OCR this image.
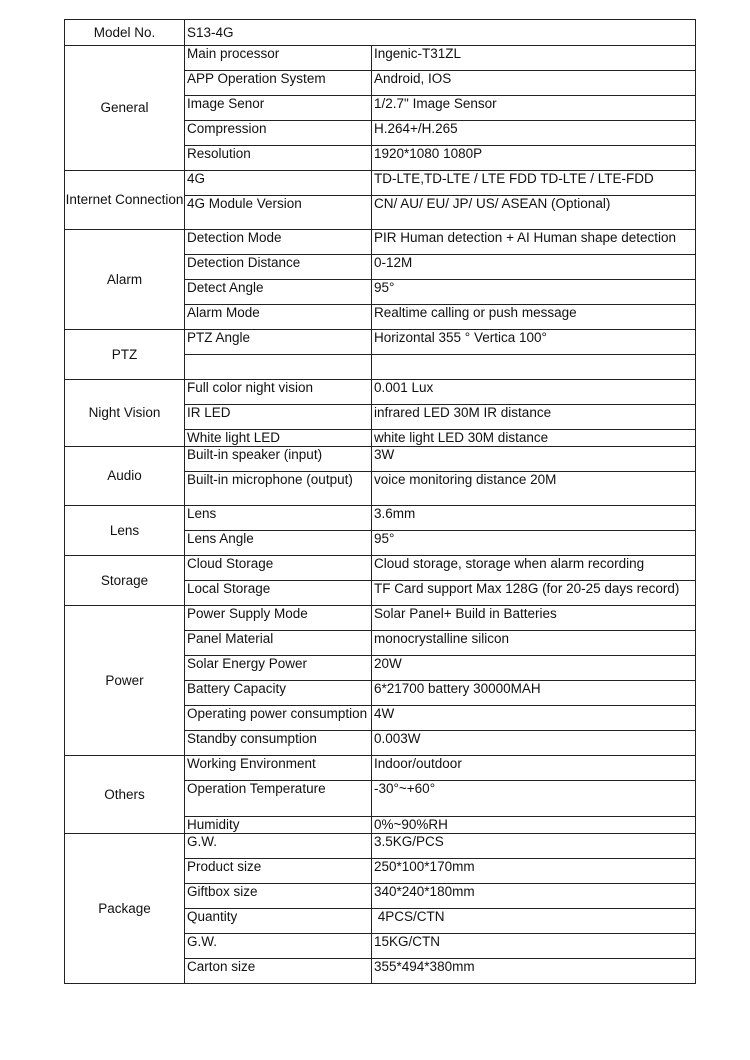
Model No.	S13-4G	
General	Main processor	Ingenic-T31ZL
	APP Operation System	Android, IOS
	Image Senor	1/2.7" Image Sensor
	Compression	H.264+/H.265
	Resolution	1920*1080 1080P
Internet Connection	4G	TD-LTE,TD-LTE / LTE FDD TD-LTE / LTE-FDD
	4G Module Version	CN/ AU/ EU/ JP/ US/ ASEAN (Optional)
Alarm	Detection Mode	PIR Human detection + AI Human shape detection
	Detection Distance	0-12M
	Detect Angle	95°
	Alarm Mode	Realtime calling or push message
PTZ	PTZ Angle	Horizontal 355 ° Vertica 100°

Night Vision	Full color night vision	0.001 Lux
	IR LED	infrared LED 30M IR distance
	White light LED	white light LED 30M distance
Audio	Built-in speaker (input)	3W
	Built-in microphone (output)	voice monitoring distance 20M
Lens	Lens	3.6mm
	Lens Angle	95°
Storage	Cloud Storage	Cloud storage, storage when alarm recording
	Local Storage	TF Card support Max 128G (for 20-25 days record)
Power	Power Supply Mode	Solar Panel+ Build in Batteries
	Panel Material	monocrystalline silicon
	Solar Energy Power	20W
	Battery Capacity	6*21700 battery 30000MAH
	Operating power consumption	4W
	Standby consumption	0.003W
Others	Working Environment	Indoor/outdoor
	Operation Temperature	-30°~+60°
	Humidity	0%~90%RH
Package	G.W.	3.5KG/PCS
	Product size	250*100*170mm
	Giftbox size	340*240*180mm
	Quantity	4PCS/CTN
	G.W.	15KG/CTN
	Carton size	355*494*380mm
